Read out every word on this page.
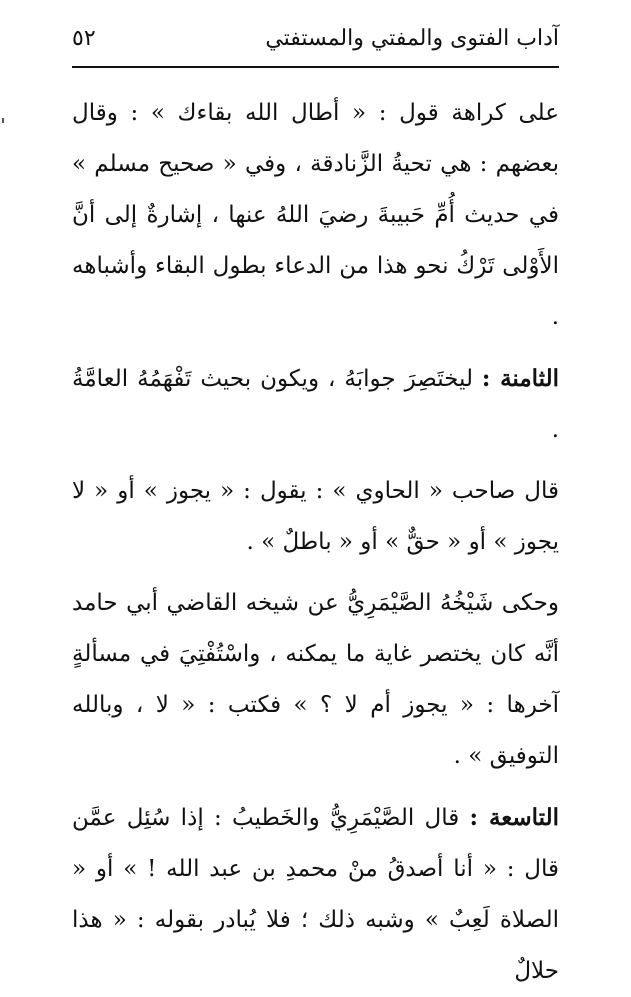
آداب الفتوى والمفتي والمستفتي
٥٢

على كراهة قول : « أطال الله بقاءك » : وقال بعضهم : هي تحيةُ الزَّنادقة ، وفي « صحيح مسلم » في حديث أُمِّ حَبيبةَ رضيَ اللهُ عنها ، إشارةٌ إلى أنَّ الأَوْلى تَرْكُ نحو هذا من الدعاء بطول البقاء وأشباهه .

الثامنة : ليختَصِرَ جوابَهُ ، ويكون بحيث تَفْهَمُهُ العامَّةُ .

قال صاحب « الحاوي » : يقول : « يجوز » أو « لا يجوز » أو « حقٌّ » أو « باطلٌ » .

وحكى شَيْخُهُ الصَّيْمَرِيُّ عن شيخه القاضي أبي حامد أنَّه كان يختصر غاية ما يمكنه ، واسْتُفْتِيَ في مسألةٍ آخرها : « يجوز أم لا ؟ » فكتب : « لا ، وبالله التوفيق » .

التاسعة : قال الصَّيْمَرِيُّ والخَطيبُ : إذا سُئِل عمَّن قال : « أنا أصدقُ منْ محمدِ بن عبد الله ! » أو « الصلاة لَعِبٌ » وشبه ذلك ؛ فلا يُبادر بقوله : « هذا حلالٌ
